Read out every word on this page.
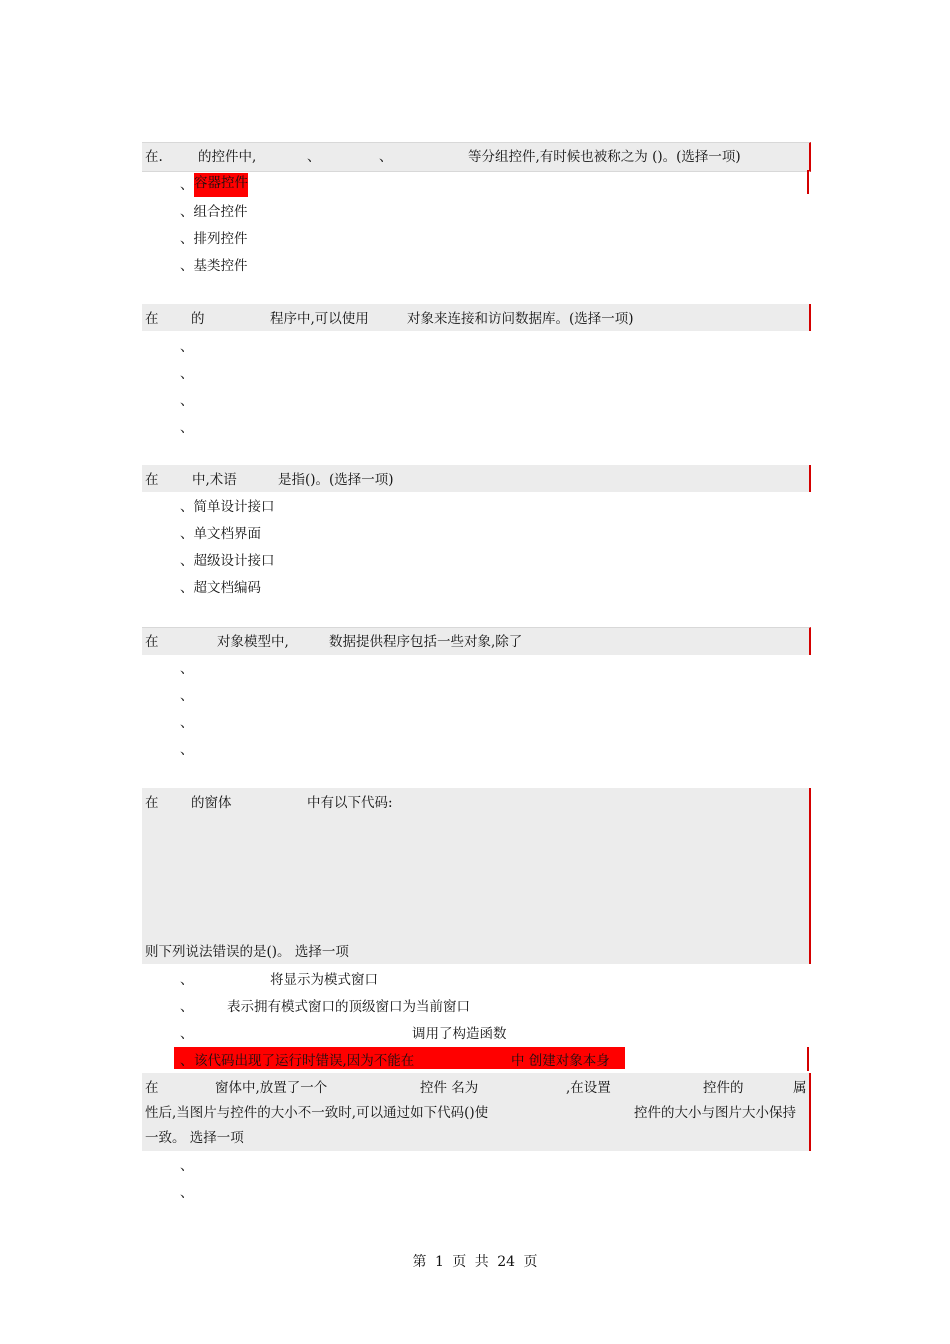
在.	的控件中,	、	、	等分组控件,有时候也被称之为 ()。(选择一项)
、 容器控件
、组合控件
、排列控件
、基类控件
在 的	程序中,可以使用	对象来连接和访问数据库。(选择一项)
、
、
、
、
在 中,术语	是指()。(选择一项)
、简单设计接口
、单文档界面
、超级设计接口
、超文档编码
在	对象模型中,	数据提供程序包括一些对象,除了
、
、
、
、
在 的窗体	中有以下代码:
则下列说法错误的是()。 选择一项
、	将显示为模式窗口
、 表示拥有模式窗口的顶级窗口为当前窗口
、	调用了构造函数
、 该代码出现了运行时错误,因为不能在	中 创建对象本身
在	窗体中,放置了一个	控件 名为	,在设置	控件的	属
性后,当图片与控件的大小不一致时,可以通过如下代码()使	控件的大小与图片大小保持
一致。 选择一项
、
、
第 1 页 共 24 页
